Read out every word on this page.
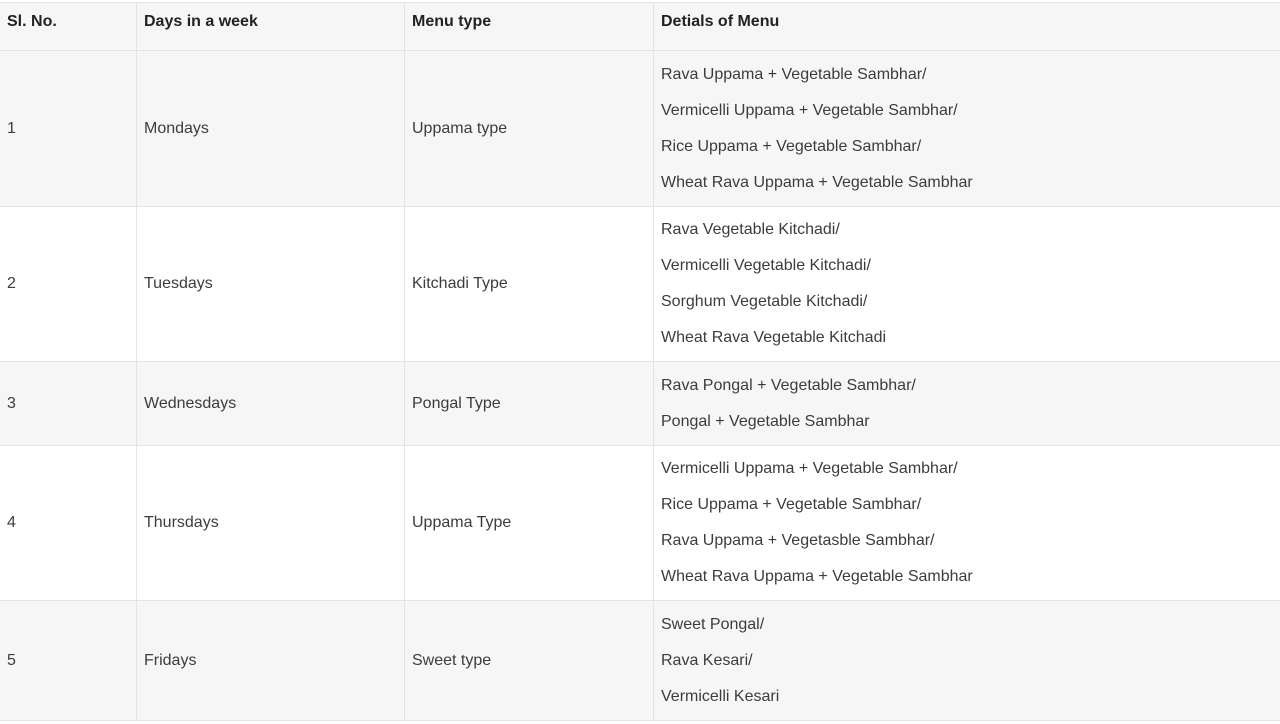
Sl. No.	Days in a week	Menu type	Detials of Menu
1	Mondays	Uppama type	Rava Uppama + Vegetable Sambhar/
Vermicelli Uppama + Vegetable Sambhar/
Rice Uppama + Vegetable Sambhar/
Wheat Rava Uppama + Vegetable Sambhar

2	Tuesdays	Kitchadi Type	Rava Vegetable Kitchadi/
Vermicelli Vegetable Kitchadi/
Sorghum Vegetable Kitchadi/
Wheat Rava Vegetable Kitchadi

3	Wednesdays	Pongal Type	Rava Pongal + Vegetable Sambhar/
Pongal + Vegetable Sambhar

4	Thursdays	Uppama Type	Vermicelli Uppama + Vegetable Sambhar/
Rice Uppama + Vegetable Sambhar/
Rava Uppama + Vegetasble Sambhar/
Wheat Rava Uppama + Vegetable Sambhar

5	Fridays	Sweet type	Sweet Pongal/
Rava Kesari/
Vermicelli Kesari
